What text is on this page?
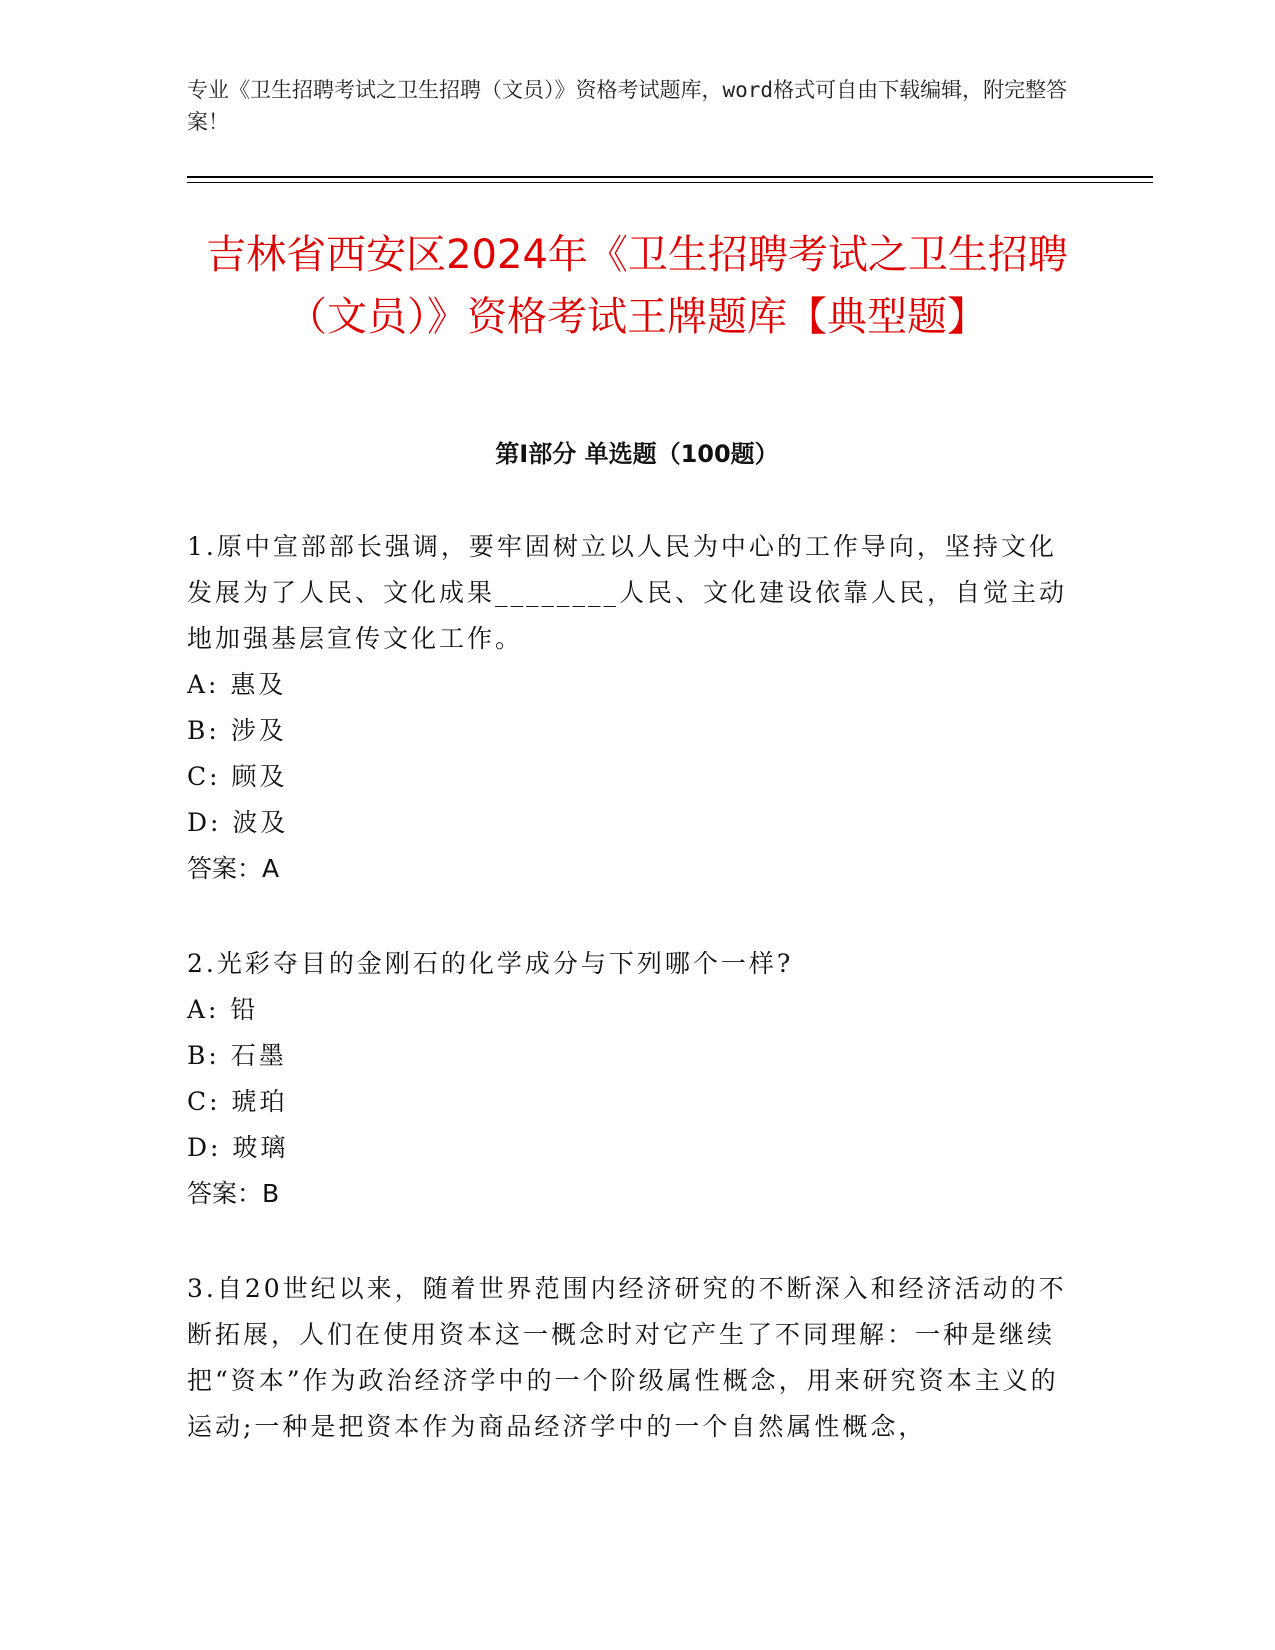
专业《卫生招聘考试之卫生招聘（文员）》资格考试题库，word格式可自由下载编辑，附完整答案！
吉林省西安区2024年《卫生招聘考试之卫生招聘（文员）》资格考试王牌题库【典型题】
第Ⅰ部分 单选题（100题）

1.原中宣部部长强调，要牢固树立以人民为中心的工作导向，坚持文化发展为了人民、文化成果________人民、文化建设依靠人民，自觉主动地加强基层宣传文化工作。

A: 惠及

B: 涉及

C: 顾及

D: 波及

答案：A

2.光彩夺目的金刚石的化学成分与下列哪个一样?

A: 铅

B: 石墨

C: 琥珀

D: 玻璃

答案：B

3.自20世纪以来，随着世界范围内经济研究的不断深入和经济活动的不断拓展，人们在使用资本这一概念时对它产生了不同理解：一种是继续把“资本”作为政治经济学中的一个阶级属性概念，用来研究资本主义的运动;一种是把资本作为商品经济学中的一个自然属性概念，
